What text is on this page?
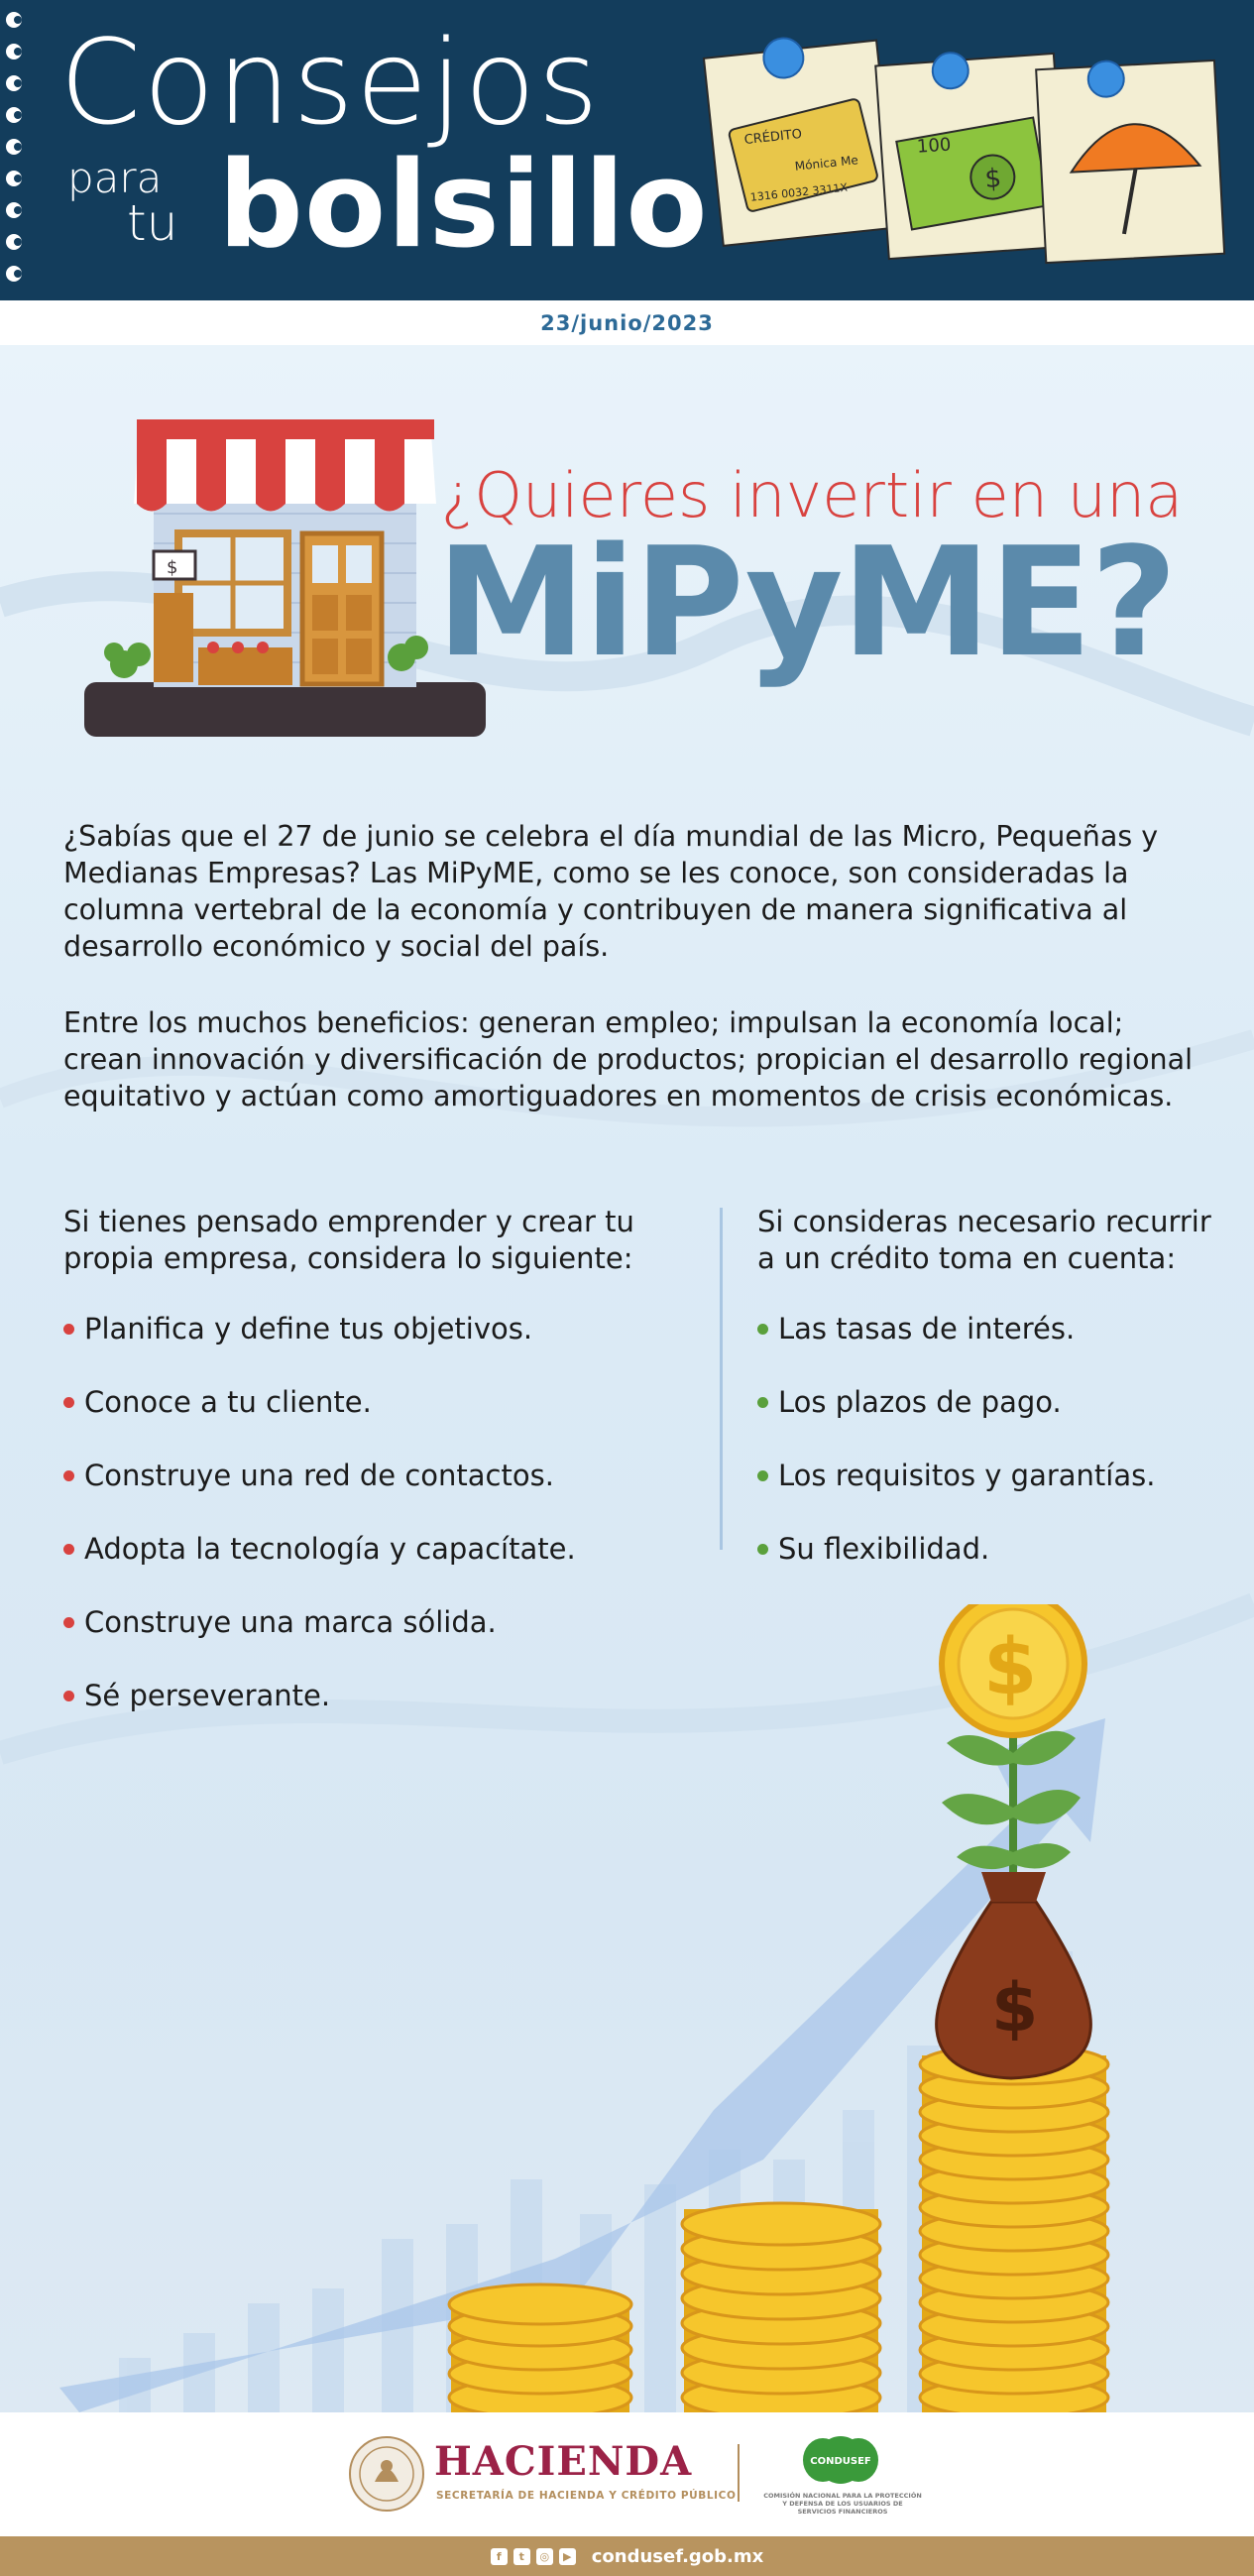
Consejos
para
tu bolsillo	CRÉDITO
Mónica Me
1316 0032 3311X	$
100
23/junio/2023
$
¿Quieres invertir en una
MiPyME?

¿Sabías que el 27 de junio se celebra el día mundial de las Micro, Pequeñas y Medianas Empresas? Las MiPyME, como se les conoce, son consideradas la columna vertebral de la economía y contribuyen de manera significativa al desarrollo económico y social del país.

Entre los muchos beneficios: generan empleo; impulsan la economía local; crean innovación y diversificación de productos; propician el desarrollo regional equitativo y actúan como amortiguadores en momentos de crisis económicas.

Si tienes pensado emprender y crear tu propia empresa, considera lo siguiente:

Planifica y define tus objetivos.
Conoce a tu cliente.
Construye una red de contactos.
Adopta la tecnología y capacítate.
Construye una marca sólida.
Sé perseverante.

Si consideras necesario recurrir a un crédito toma en cuenta:

Las tasas de interés.
Los plazos de pago.
Los requisitos y garantías.
Su flexibilidad.
$
$
HACIENDA
SECRETARÍA DE HACIENDA Y CRÉDITO PÚBLICO
CONDUSEF
COMISIÓN NACIONAL PARA LA PROTECCIÓN Y DEFENSA DE LOS USUARIOS DE SERVICIOS FINANCIEROS
f	t	◎	▶ condusef.gob.mx
